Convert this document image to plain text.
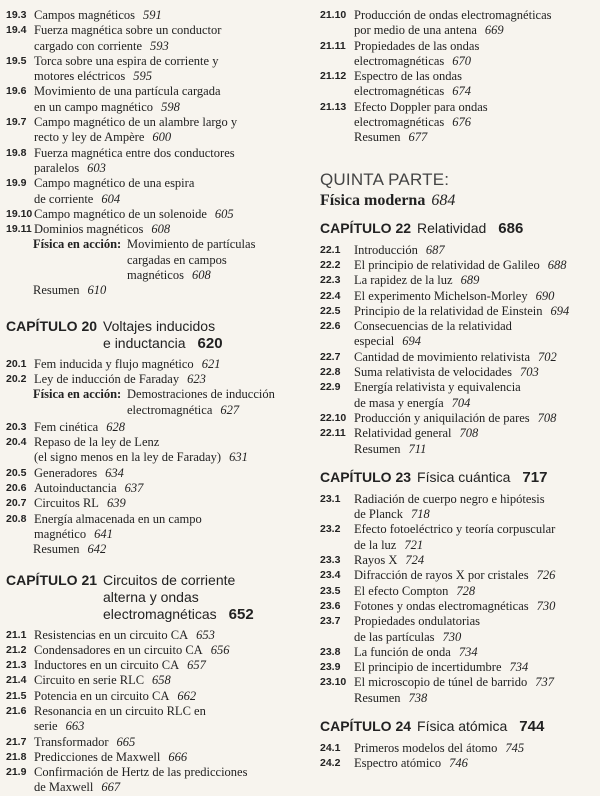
19.3 Campos magnéticos 591
19.4 Fuerza magnética sobre un conductor
cargado con corriente 593
19.5 Torca sobre una espira de corriente y
motores eléctricos 595
19.6 Movimiento de una partícula cargada
en un campo magnético 598
19.7 Campo magnético de un alambre largo y
recto y ley de Ampère 600
19.8 Fuerza magnética entre dos conductores
paralelos 603
19.9 Campo magnético de una espira
de corriente 604
19.10 Campo magnético de un solenoide 605
19.11 Dominios magnéticos 608
Física en acción: Movimiento de partículas
cargadas en campos
magnéticos 608
Resumen 610
CAPÍTULO 20 Voltajes inducidos
e inductancia 620
20.1 Fem inducida y flujo magnético 621
20.2 Ley de inducción de Faraday 623
Física en acción: Demostraciones de inducción
electromagnética 627
20.3 Fem cinética 628
20.4 Repaso de la ley de Lenz
(el signo menos en la ley de Faraday) 631
20.5 Generadores 634
20.6 Autoinductancia 637
20.7 Circuitos RL 639
20.8 Energía almacenada en un campo
magnético 641
Resumen 642
CAPÍTULO 21 Circuitos de corriente
alterna y ondas
electromagnéticas 652
21.1 Resistencias en un circuito CA 653
21.2 Condensadores en un circuito CA 656
21.3 Inductores en un circuito CA 657
21.4 Circuito en serie RLC 658
21.5 Potencia en un circuito CA 662
21.6 Resonancia en un circuito RLC en
serie 663
21.7 Transformador 665
21.8 Predicciones de Maxwell 666
21.9 Confirmación de Hertz de las predicciones
de Maxwell 667
21.10 Producción de ondas electromagnéticas
por medio de una antena 669
21.11 Propiedades de las ondas
electromagnéticas 670
21.12 Espectro de las ondas
electromagnéticas 674
21.13 Efecto Doppler para ondas
electromagnéticas 676
Resumen 677
QUINTA PARTE:
Física moderna 684
CAPÍTULO 22 Relatividad 686
22.1 Introducción 687
22.2 El principio de relatividad de Galileo 688
22.3 La rapidez de la luz 689
22.4 El experimento Michelson-Morley 690
22.5 Principio de la relatividad de Einstein 694
22.6 Consecuencias de la relatividad
especial 694
22.7 Cantidad de movimiento relativista 702
22.8 Suma relativista de velocidades 703
22.9 Energía relativista y equivalencia
de masa y energía 704
22.10 Producción y aniquilación de pares 708
22.11 Relatividad general 708
Resumen 711
CAPÍTULO 23 Física cuántica 717
23.1 Radiación de cuerpo negro e hipótesis
de Planck 718
23.2 Efecto fotoeléctrico y teoría corpuscular
de la luz 721
23.3 Rayos X 724
23.4 Difracción de rayos X por cristales 726
23.5 El efecto Compton 728
23.6 Fotones y ondas electromagnéticas 730
23.7 Propiedades ondulatorias
de las partículas 730
23.8 La función de onda 734
23.9 El principio de incertidumbre 734
23.10 El microscopio de túnel de barrido 737
Resumen 738
CAPÍTULO 24 Física atómica 744
24.1 Primeros modelos del átomo 745
24.2 Espectro atómico 746
